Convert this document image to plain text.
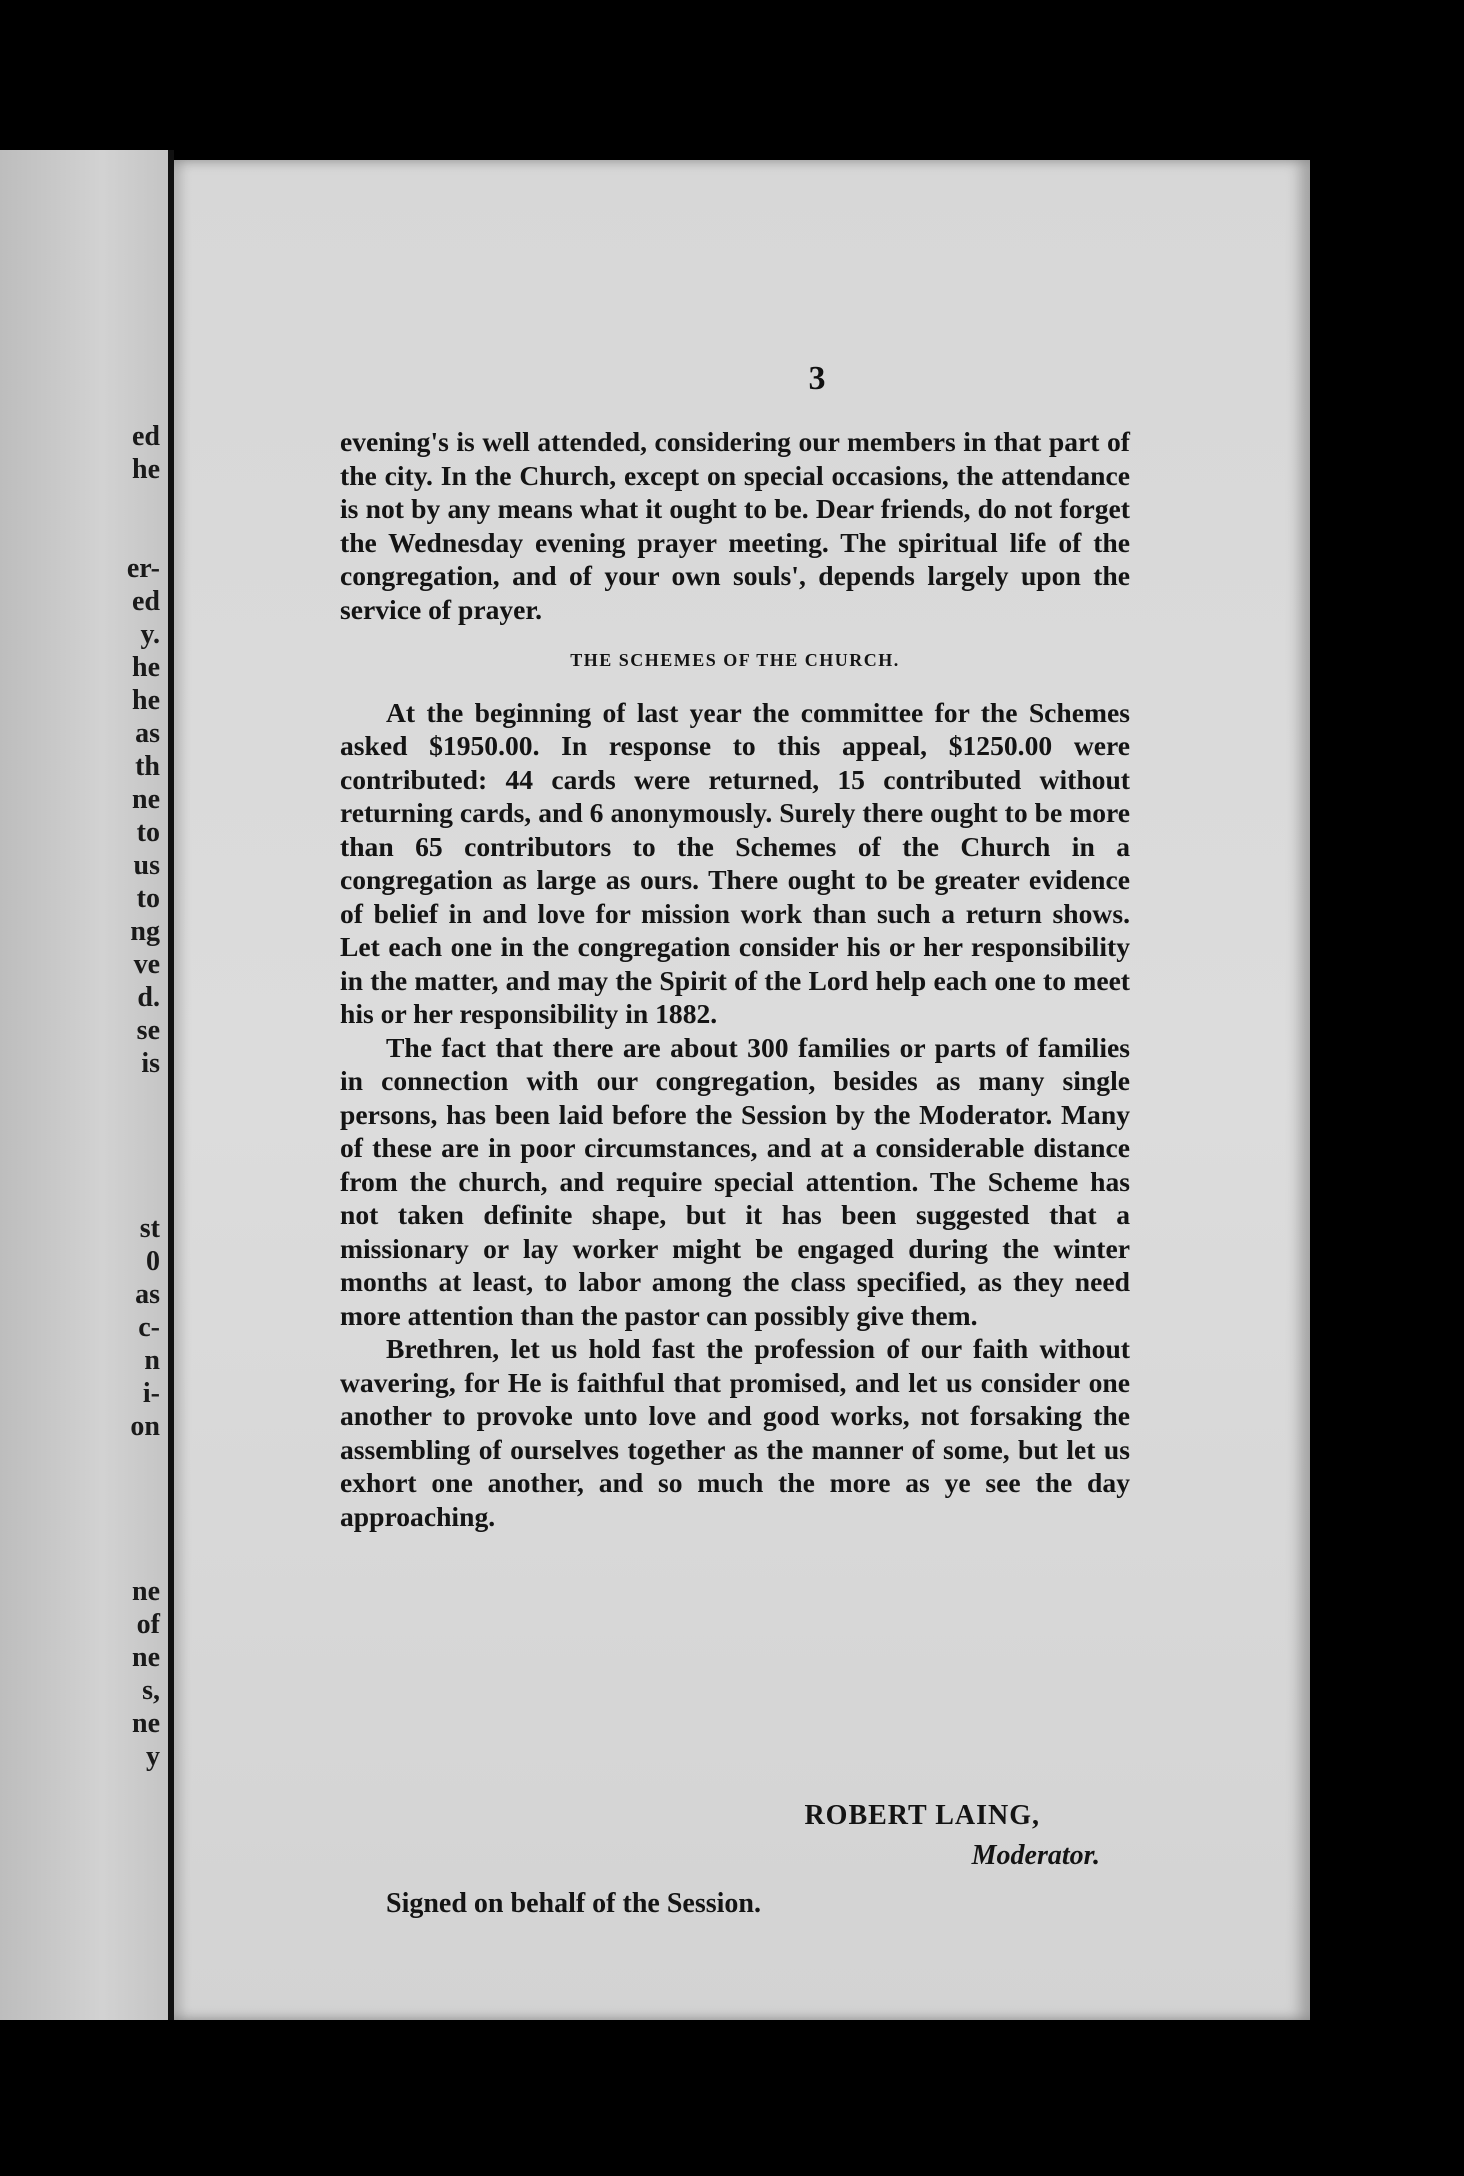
ed
he

er-
ed
y.
he
he
as
th
ne
to
us
to
ng
ve
d.
se
is

st
0
as
c-
n
i-
on

ne
of
ne
s,
ne
y
3

evening's is well attended, considering our members in that part of the city. In the Church, except on special occasions, the attendance is not by any means what it ought to be. Dear friends, do not forget the Wednesday evening prayer meeting. The spiritual life of the congregation, and of your own souls', depends largely upon the service of prayer.

THE SCHEMES OF THE CHURCH.

At the beginning of last year the committee for the Schemes asked $1950.00. In response to this appeal, $1250.00 were contributed: 44 cards were returned, 15 contributed without returning cards, and 6 anonymously. Surely there ought to be more than 65 contributors to the Schemes of the Church in a congregation as large as ours. There ought to be greater evidence of belief in and love for mission work than such a return shows. Let each one in the congregation consider his or her responsibility in the matter, and may the Spirit of the Lord help each one to meet his or her responsibility in 1882.

The fact that there are about 300 families or parts of families in connection with our congregation, besides as many single persons, has been laid before the Session by the Moderator. Many of these are in poor circumstances, and at a considerable distance from the church, and require special attention. The Scheme has not taken definite shape, but it has been suggested that a missionary or lay worker might be engaged during the winter months at least, to labor among the class specified, as they need more attention than the pastor can possibly give them.

Brethren, let us hold fast the profession of our faith without wavering, for He is faithful that promised, and let us consider one another to provoke unto love and good works, not forsaking the assembling of ourselves together as the manner of some, but let us exhort one another, and so much the more as ye see the day approaching.

ROBERT LAING,
Moderator.
Signed on behalf of the Session.
